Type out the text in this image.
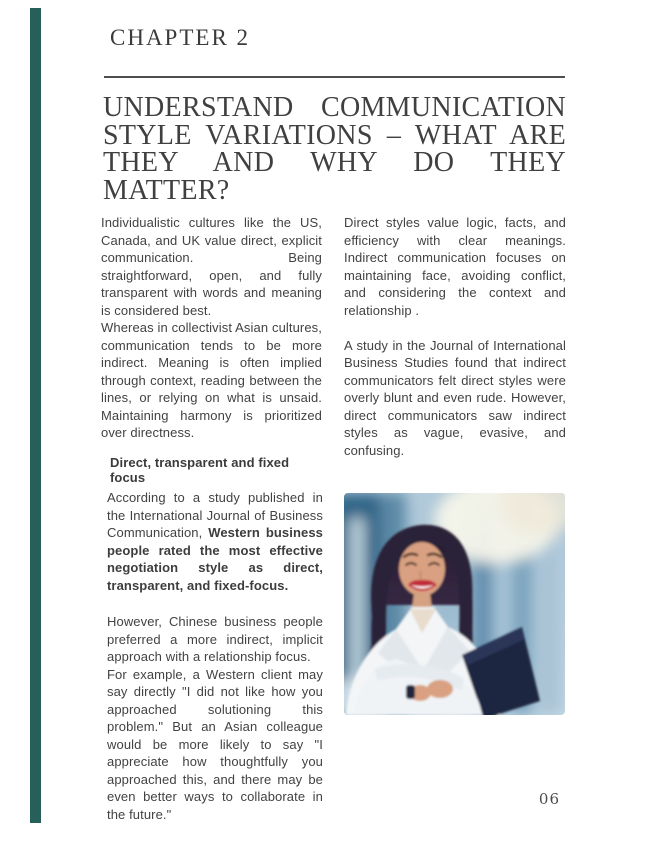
CHAPTER 2
UNDERSTAND COMMUNICATION
STYLE VARIATIONS – WHAT ARE
THEY AND WHY DO THEY MATTER?

Individualistic cultures like the US, Canada, and UK value direct, explicit communication. Being straightforward, open, and fully transparent with words and meaning is considered best.

Whereas in collectivist Asian cultures, communication tends to be more indirect. Meaning is often implied through context, reading between the lines, or relying on what is unsaid. Maintaining harmony is prioritized over directness.

Direct styles value logic, facts, and efficiency with clear meanings. Indirect communication focuses on maintaining face, avoiding conflict, and considering the context and relationship .

A study in the Journal of International Business Studies found that indirect communicators felt direct styles were overly blunt and even rude. However, direct communicators saw indirect styles as vague, evasive, and confusing.

Direct, transparent and fixed focus

According to a study published in the International Journal of Business Communication, Western business people rated the most effective negotiation style as direct, transparent, and fixed-focus.

However, Chinese business people preferred a more indirect, implicit approach with a relationship focus.

For example, a Western client may say directly "I did not like how you approached solutioning this problem." But an Asian colleague would be more likely to say "I appreciate how thoughtfully you approached this, and there may be even better ways to collaborate in the future."

06
